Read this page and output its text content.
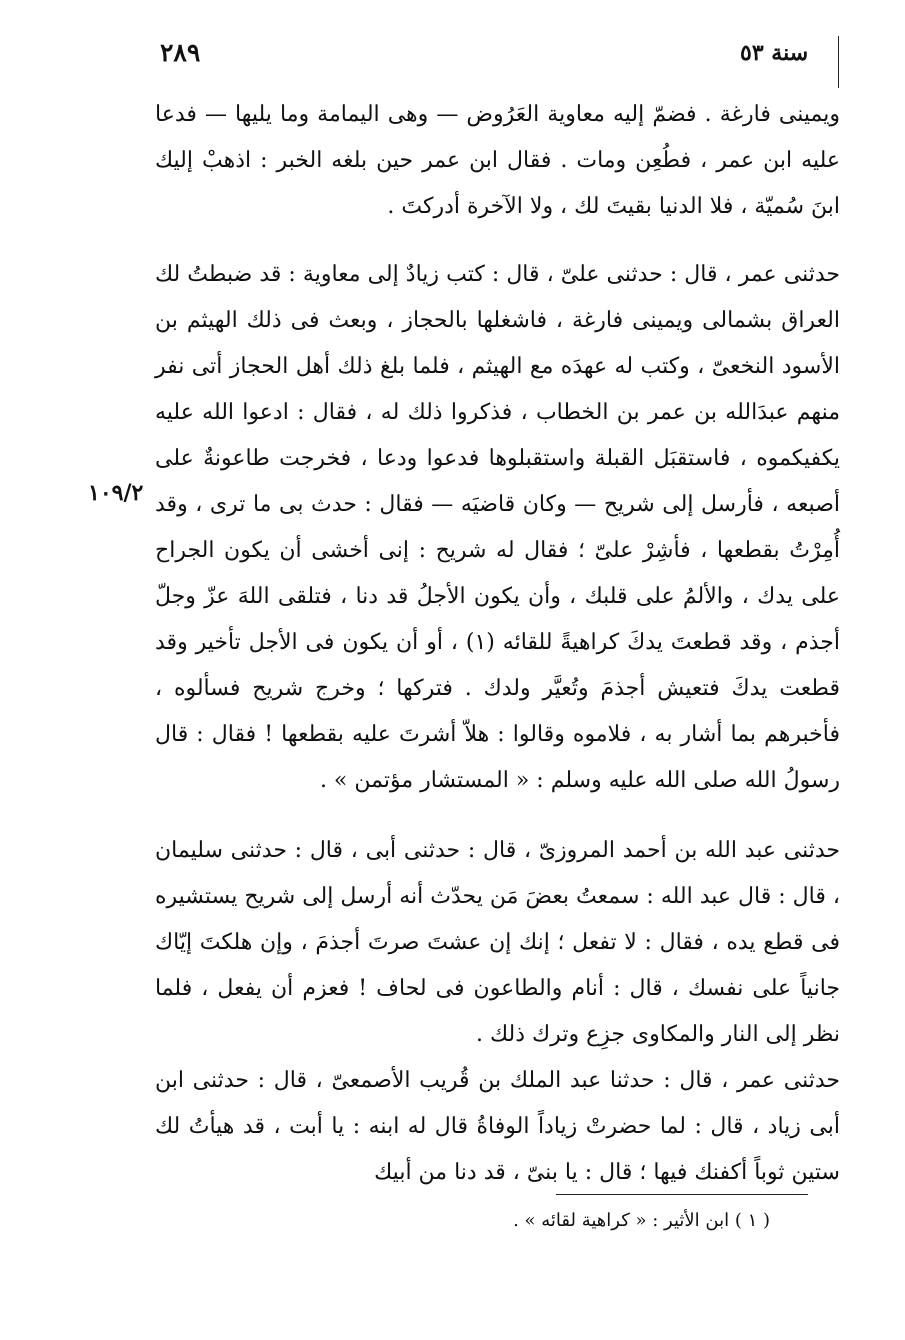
سنة ٥٣
٢٨٩
١٠٩/٢

ويمينى فارغة . فضمّ إليه معاوية العَرُوض — وهى اليمامة وما يليها — فدعا عليه ابن عمر ، فطُعِن ومات . فقال ابن عمر حين بلغه الخبر : اذهبْ إليك ابنَ سُميّة ، فلا الدنيا بقيتَ لك ، ولا الآخرة أدركتَ .

حدثنى عمر ، قال : حدثنى علىّ ، قال : كتب زيادٌ إلى معاوية : قد ضبطتُ لك العراق بشمالى ويمينى فارغة ، فاشغلها بالحجاز ، وبعث فى ذلك الهيثم بن الأسود النخعىّ ، وكتب له عهدَه مع الهيثم ، فلما بلغ ذلك أهل الحجاز أتى نفر منهم عبدَالله بن عمر بن الخطاب ، فذكروا ذلك له ، فقال : ادعوا الله عليه يكفيكموه ، فاستقبَل القبلة واستقبلوها فدعوا ودعا ، فخرجت طاعونةٌ على أصبعه ، فأرسل إلى شريح — وكان قاضيَه — فقال : حدث بى ما ترى ، وقد أُمِرْتُ بقطعها ، فأشِرْ علىّ ؛ فقال له شريح : إنى أخشى أن يكون الجراح على يدك ، والألمُ على قلبك ، وأن يكون الأجلُ قد دنا ، فتلقى اللهَ عزّ وجلّ أجذم ، وقد قطعتَ يدكَ كراهيةً للقائه (١) ، أو أن يكون فى الأجل تأخير وقد قطعت يدكَ فتعيش أجذمَ وتُعيَّر ولدك . فتركها ؛ وخرج شريح فسألوه ، فأخبرهم بما أشار به ، فلاموه وقالوا : هلاّ أشرتَ عليه بقطعها ! فقال : قال رسولُ الله صلى الله عليه وسلم : « المستشار مؤتمن » .

حدثنى عبد الله بن أحمد المروزىّ ، قال : حدثنى أبى ، قال : حدثنى سليمان ، قال : قال عبد الله : سمعتُ بعضَ مَن يحدّث أنه أرسل إلى شريح يستشيره فى قطع يده ، فقال : لا تفعل ؛ إنك إن عشتَ صرتَ أجذمَ ، وإن هلكتَ إيّاك جانياً على نفسك ، قال : أنام والطاعون فى لحاف ! فعزم أن يفعل ، فلما نظر إلى النار والمكاوى جزِع وترك ذلك .

حدثنى عمر ، قال : حدثنا عبد الملك بن قُريب الأصمعىّ ، قال : حدثنى ابن أبى زياد ، قال : لما حضرتْ زياداً الوفاةُ قال له ابنه : يا أبت ، قد هيأتُ لك ستين ثوباً أكفنك فيها ؛ قال : يا بنىّ ، قد دنا من أبيك

( ١ ) ابن الأثير : « كراهية لقائه » .
